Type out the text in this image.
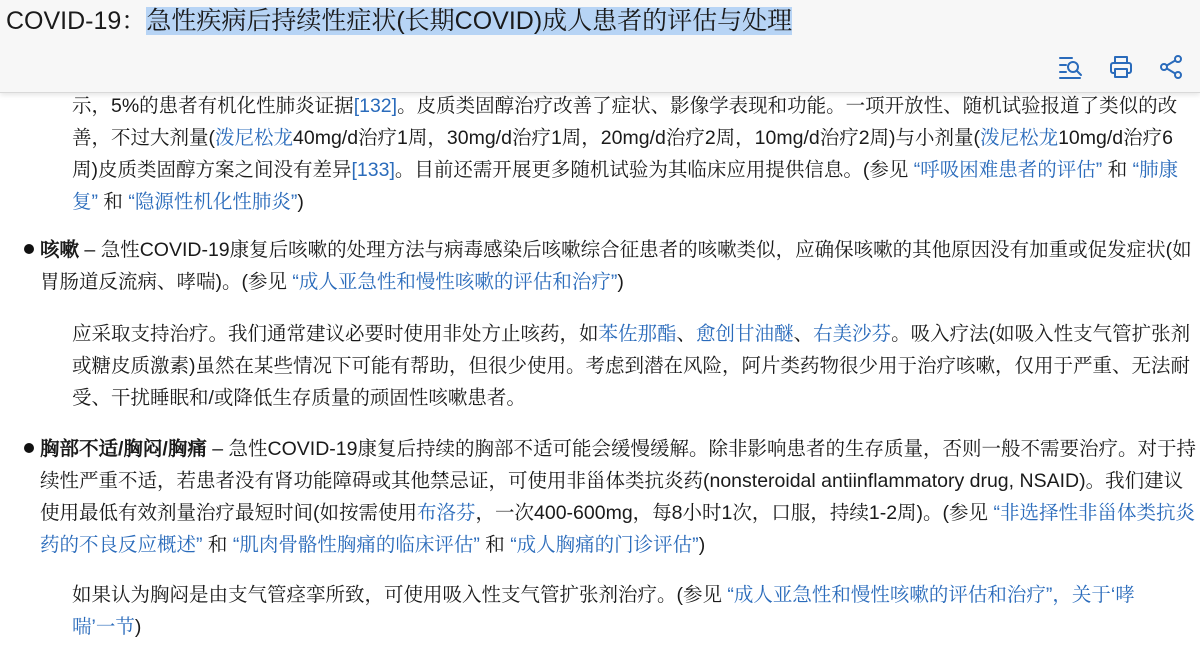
COVID-19：急性疾病后持续性症状(长期COVID)成人患者的评估与处理

示，5%的患者有机化性肺炎证据[132]。皮质类固醇治疗改善了症状、影像学表现和功能。一项开放性、随机试验报道了类似的改善，不过大剂量(泼尼松龙40mg/d治疗1周，30mg/d治疗1周，20mg/d治疗2周，10mg/d治疗2周)与小剂量(泼尼松龙10mg/d治疗6周)皮质类固醇方案之间没有差异[133]。目前还需开展更多随机试验为其临床应用提供信息。(参见 “呼吸困难患者的评估” 和 “肺康复” 和 “隐源性机化性肺炎”)

咳嗽 – 急性COVID-19康复后咳嗽的处理方法与病毒感染后咳嗽综合征患者的咳嗽类似，应确保咳嗽的其他原因没有加重或促发症状(如胃肠道反流病、哮喘)。(参见 “成人亚急性和慢性咳嗽的评估和治疗”)

应采取支持治疗。我们通常建议必要时使用非处方止咳药，如苯佐那酯、愈创甘油醚、右美沙芬。吸入疗法(如吸入性支气管扩张剂或糖皮质激素)虽然在某些情况下可能有帮助，但很少使用。考虑到潜在风险，阿片类药物很少用于治疗咳嗽，仅用于严重、无法耐受、干扰睡眠和/或降低生存质量的顽固性咳嗽患者。

胸部不适/胸闷/胸痛 – 急性COVID-19康复后持续的胸部不适可能会缓慢缓解。除非影响患者的生存质量，否则一般不需要治疗。对于持续性严重不适，若患者没有肾功能障碍或其他禁忌证，可使用非甾体类抗炎药(nonsteroidal antiinflammatory drug, NSAID)。我们建议使用最低有效剂量治疗最短时间(如按需使用布洛芬，一次400-600mg，每8小时1次，口服，持续1-2周)。(参见 “非选择性非甾体类抗炎药的不良反应概述” 和 “肌肉骨骼性胸痛的临床评估” 和 “成人胸痛的门诊评估”)

如果认为胸闷是由支气管痉挛所致，可使用吸入性支气管扩张剂治疗。(参见 “成人亚急性和慢性咳嗽的评估和治疗”，关于‘哮喘’一节)
